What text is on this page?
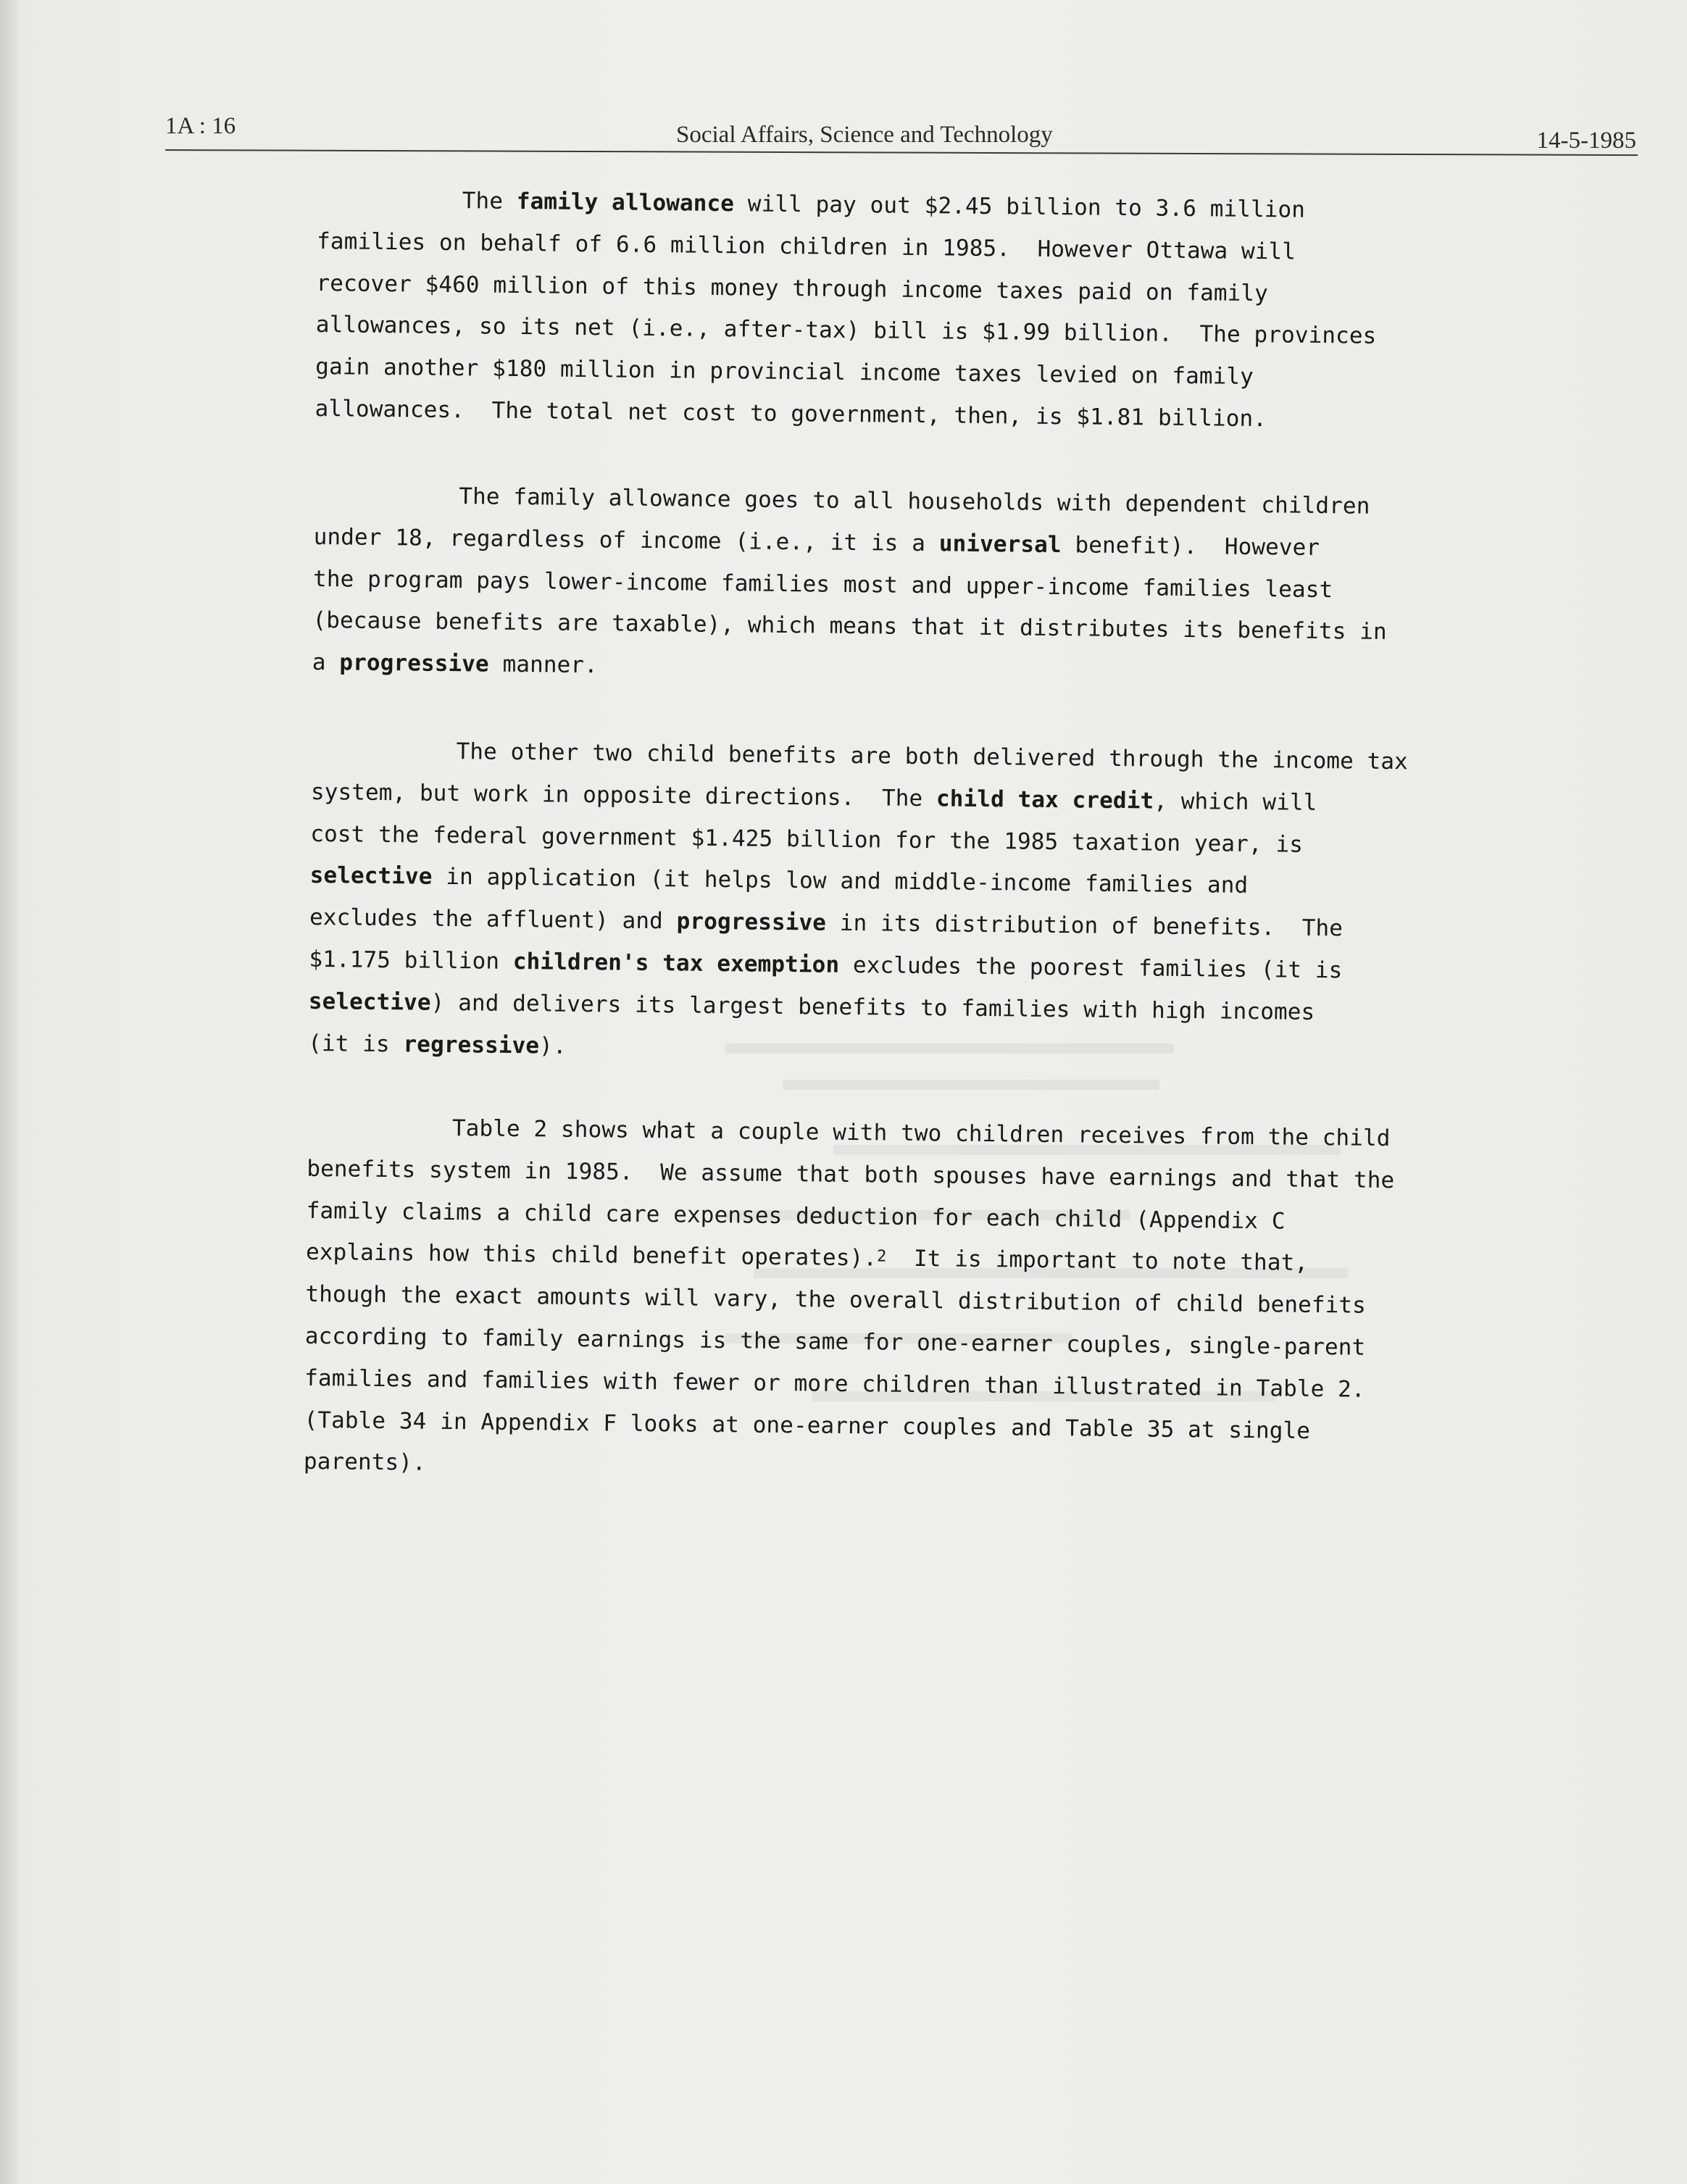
1A : 16	Social Affairs, Science and Technology	14-5-1985
The family allowance will pay out $2.45 billion to 3.6 million
families on behalf of 6.6 million children in 1985.  However Ottawa will
recover $460 million of this money through income taxes paid on family
allowances, so its net (i.e., after-tax) bill is $1.99 billion.  The provinces
gain another $180 million in provincial income taxes levied on family
allowances.  The total net cost to government, then, is $1.81 billion.
The family allowance goes to all households with dependent children
under 18, regardless of income (i.e., it is a universal benefit).  However
the program pays lower-income families most and upper-income families least
(because benefits are taxable), which means that it distributes its benefits in
a progressive manner.
The other two child benefits are both delivered through the income tax
system, but work in opposite directions.  The child tax credit, which will
cost the federal government $1.425 billion for the 1985 taxation year, is
selective in application (it helps low and middle-income families and
excludes the affluent) and progressive in its distribution of benefits.  The
$1.175 billion children's tax exemption excludes the poorest families (it is
selective) and delivers its largest benefits to families with high incomes
(it is regressive).
Table 2 shows what a couple with two children receives from the child
benefits system in 1985.  We assume that both spouses have earnings and that the
family claims a child care expenses deduction for each child (Appendix C
explains how this child benefit operates).$^2$  It is important to note that,
though the exact amounts will vary, the overall distribution of child benefits
according to family earnings is the same for one-earner couples, single-parent
families and families with fewer or more children than illustrated in Table 2.
(Table 34 in Appendix F looks at one-earner couples and Table 35 at single
parents).
